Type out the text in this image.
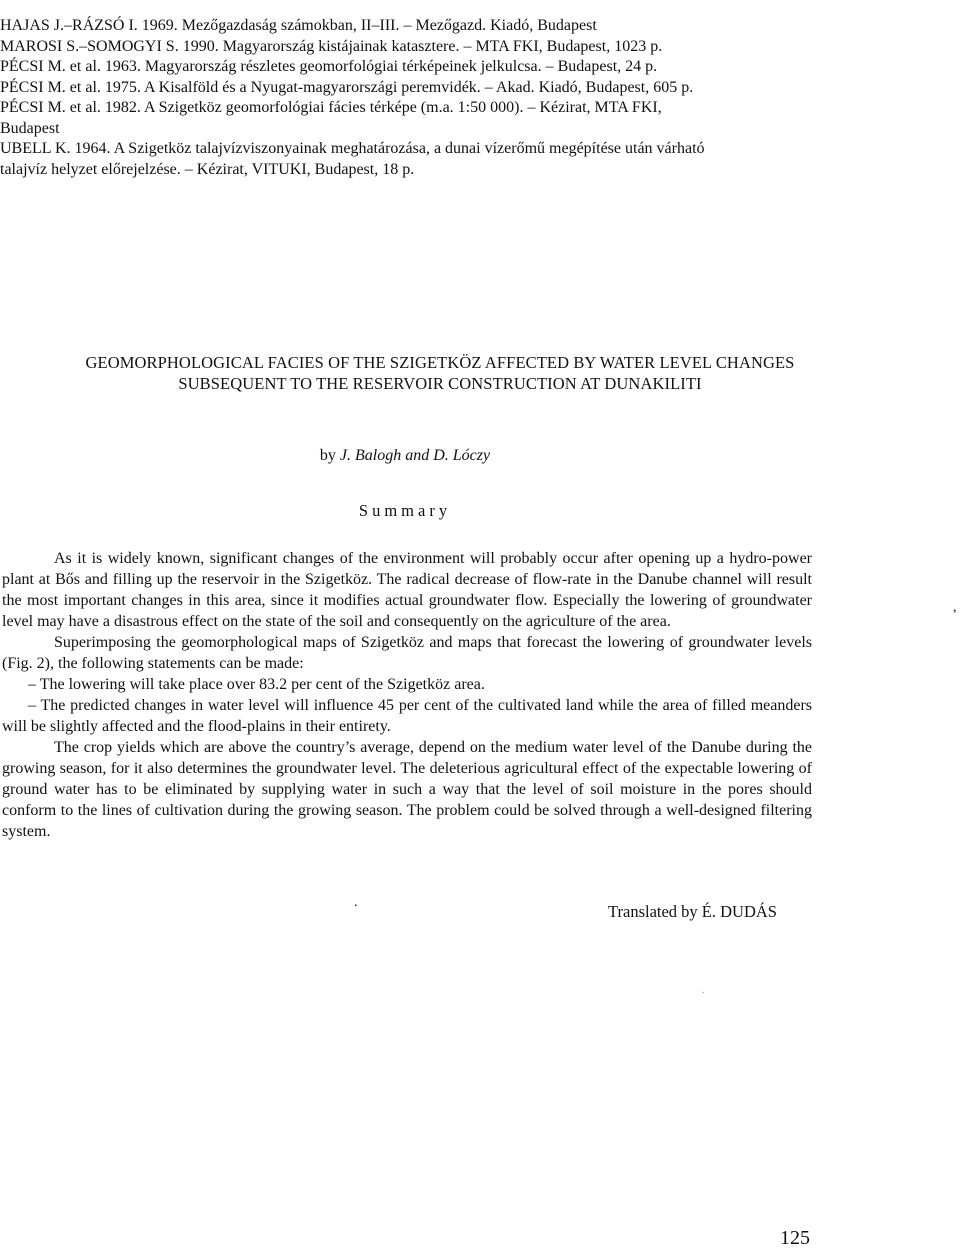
HAJAS J.–RÁZSÓ I. 1969. Mezőgazdaság számokban, II–III. – Mezőgazd. Kiadó, Budapest

MAROSI S.–SOMOGYI S. 1990. Magyarország kistájainak katasztere. – MTA FKI, Budapest, 1023 p.

PÉCSI M. et al. 1963. Magyarország részletes geomorfológiai térképeinek jelkulcsa. – Budapest, 24 p.

PÉCSI M. et al. 1975. A Kisalföld és a Nyugat-magyarországi peremvidék. – Akad. Kiadó, Budapest, 605 p.

PÉCSI M. et al. 1982. A Szigetköz geomorfológiai fácies térképe (m.a. 1:50 000). – Kézirat, MTA FKI,
Budapest

UBELL K. 1964. A Szigetköz talajvízviszonyainak meghatározása, a dunai vízerőmű megépítése után várható
talajvíz helyzet előrejelzése. – Kézirat, VITUKI, Budapest, 18 p.

GEOMORPHOLOGICAL FACIES OF THE SZIGETKÖZ AFFECTED BY WATER LEVEL CHANGES
SUBSEQUENT TO THE RESERVOIR CONSTRUCTION AT DUNAKILITI
by J. Balogh and D. Lóczy
Summary

As it is widely known, significant changes of the environment will probably occur after opening up a hydro-power plant at Bős and filling up the reservoir in the Szigetköz. The radical decrease of flow-rate in the Danube channel will result the most important changes in this area, since it modifies actual groundwater flow. Especially the lowering of groundwater level may have a disastrous effect on the state of the soil and consequently on the agriculture of the area.

Superimposing the geomorphological maps of Szigetköz and maps that forecast the lowering of groundwater levels (Fig. 2), the following statements can be made:

– The lowering will take place over 83.2 per cent of the Szigetköz area.

– The predicted changes in water level will influence 45 per cent of the cultivated land while the area of filled meanders will be slightly affected and the flood-plains in their entirety.

The crop yields which are above the country’s average, depend on the medium water level of the Danube during the growing season, for it also determines the groundwater level. The deleterious agricultural effect of the expectable lowering of ground water has to be eliminated by supplying water in such a way that the level of soil moisture in the pores should conform to the lines of cultivation during the growing season. The problem could be solved through a well-designed filtering system.

,
.
.
Translated by É. DUDÁS
125
